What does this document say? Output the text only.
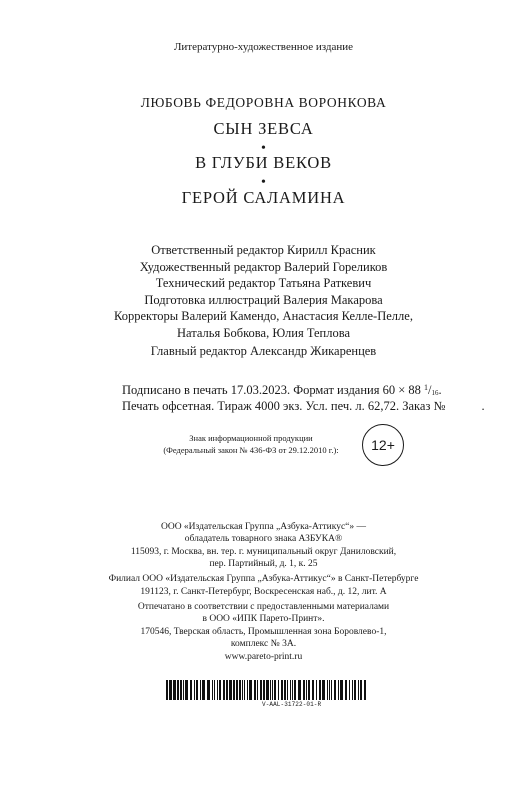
Литературно-художественное издание
ЛЮБОВЬ ФЕДОРОВНА ВОРОНКОВА
СЫН ЗЕВСА
•
В ГЛУБИ ВЕКОВ
•
ГЕРОЙ САЛАМИНА
Ответственный редактор Кирилл Красник
Художественный редактор Валерий Гореликов
Технический редактор Татьяна Раткевич
Подготовка иллюстраций Валерия Макарова
Корректоры Валерий Камендо, Анастасия Келле-Пелле,
Наталья Бобкова, Юлия Теплова
Главный редактор Александр Жикаренцев
Подписано в печать 17.03.2023. Формат издания 60 × 88 $^1$/16.
Печать офсетная. Тираж 4000 экз. Усл. печ. л. 62,72. Заказ №	.
Знак информационной продукции
(Федеральный закон № 436-ФЗ от 29.12.2010 г.):	12+
ООО «Издательская Группа „Азбука-Аттикус“» —
обладатель товарного знака АЗБУКА®
115093, г. Москва, вн. тер. г. муниципальный округ Даниловский,
пер. Партийный, д. 1, к. 25
Филиал ООО «Издательская Группа „Азбука-Аттикус“» в Санкт-Петербурге
191123, г. Санкт-Петербург, Воскресенская наб., д. 12, лит. А
Отпечатано в соответствии с предоставленными материалами
в ООО «ИПК Парето-Принт».
170546, Тверская область, Промышленная зона Боровлево-1,
комплекс № 3А.
www.pareto-print.ru
V-AAL-31722-01-R
